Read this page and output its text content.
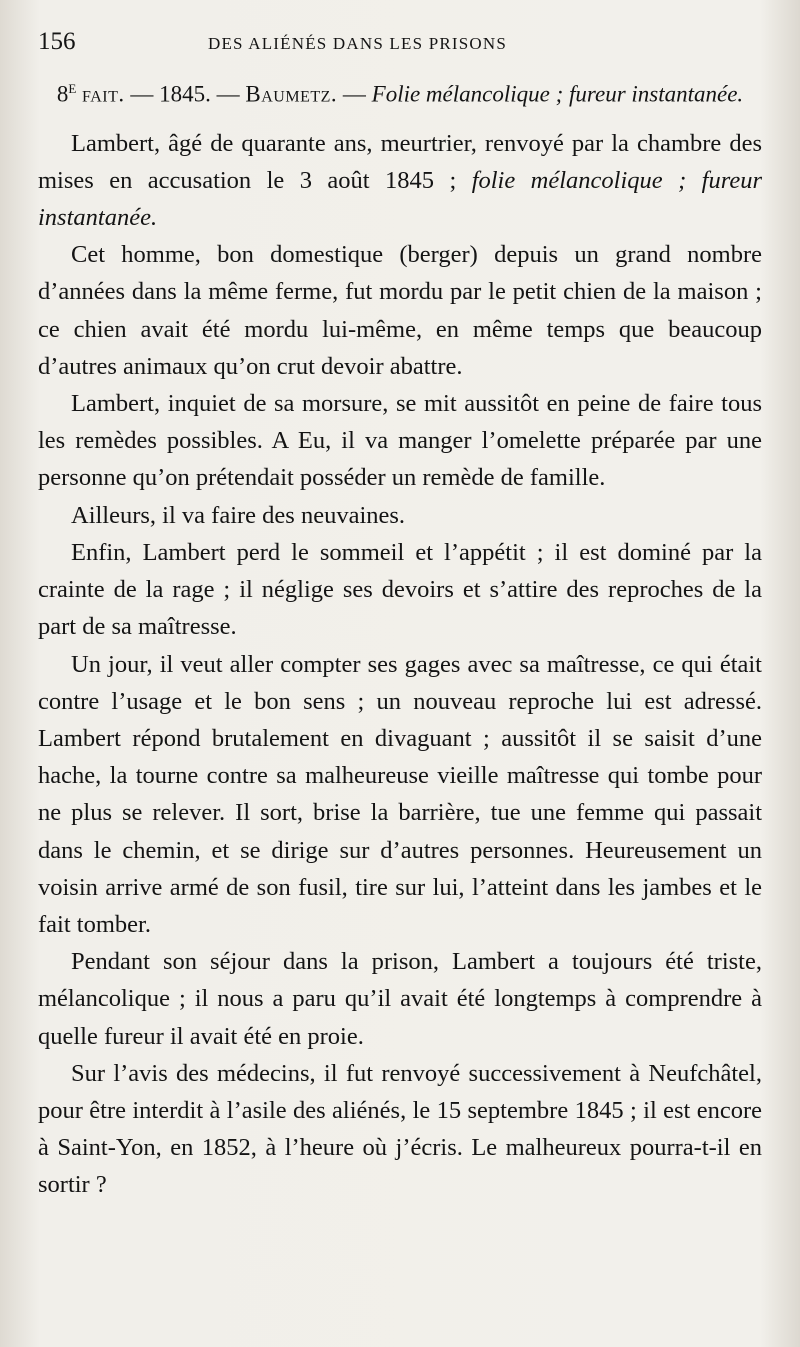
156	DES ALIÉNÉS DANS LES PRISONS
8e fait. — 1845. — Baumetz. — Folie mélancolique ; fureur instantanée.

Lambert, âgé de quarante ans, meurtrier, renvoyé par la chambre des mises en accusation le 3 août 1845 ; folie mélancolique ; fureur instantanée.

Cet homme, bon domestique (berger) depuis un grand nombre d’années dans la même ferme, fut mordu par le petit chien de la maison ; ce chien avait été mordu lui-même, en même temps que beaucoup d’autres animaux qu’on crut devoir abattre.

Lambert, inquiet de sa morsure, se mit aussitôt en peine de faire tous les remèdes possibles. A Eu, il va manger l’omelette préparée par une personne qu’on prétendait posséder un remède de famille.

Ailleurs, il va faire des neuvaines.

Enfin, Lambert perd le sommeil et l’appétit ; il est dominé par la crainte de la rage ; il néglige ses devoirs et s’attire des reproches de la part de sa maîtresse.

Un jour, il veut aller compter ses gages avec sa maîtresse, ce qui était contre l’usage et le bon sens ; un nouveau reproche lui est adressé. Lambert répond brutalement en divaguant ; aussitôt il se saisit d’une hache, la tourne contre sa malheureuse vieille maîtresse qui tombe pour ne plus se relever. Il sort, brise la barrière, tue une femme qui passait dans le chemin, et se dirige sur d’autres personnes. Heureusement un voisin arrive armé de son fusil, tire sur lui, l’atteint dans les jambes et le fait tomber.

Pendant son séjour dans la prison, Lambert a toujours été triste, mélancolique ; il nous a paru qu’il avait été longtemps à comprendre à quelle fureur il avait été en proie.

Sur l’avis des médecins, il fut renvoyé successivement à Neufchâtel, pour être interdit à l’asile des aliénés, le 15 septembre 1845 ; il est encore à Saint-Yon, en 1852, à l’heure où j’écris. Le malheureux pourra-t-il en sortir ?
